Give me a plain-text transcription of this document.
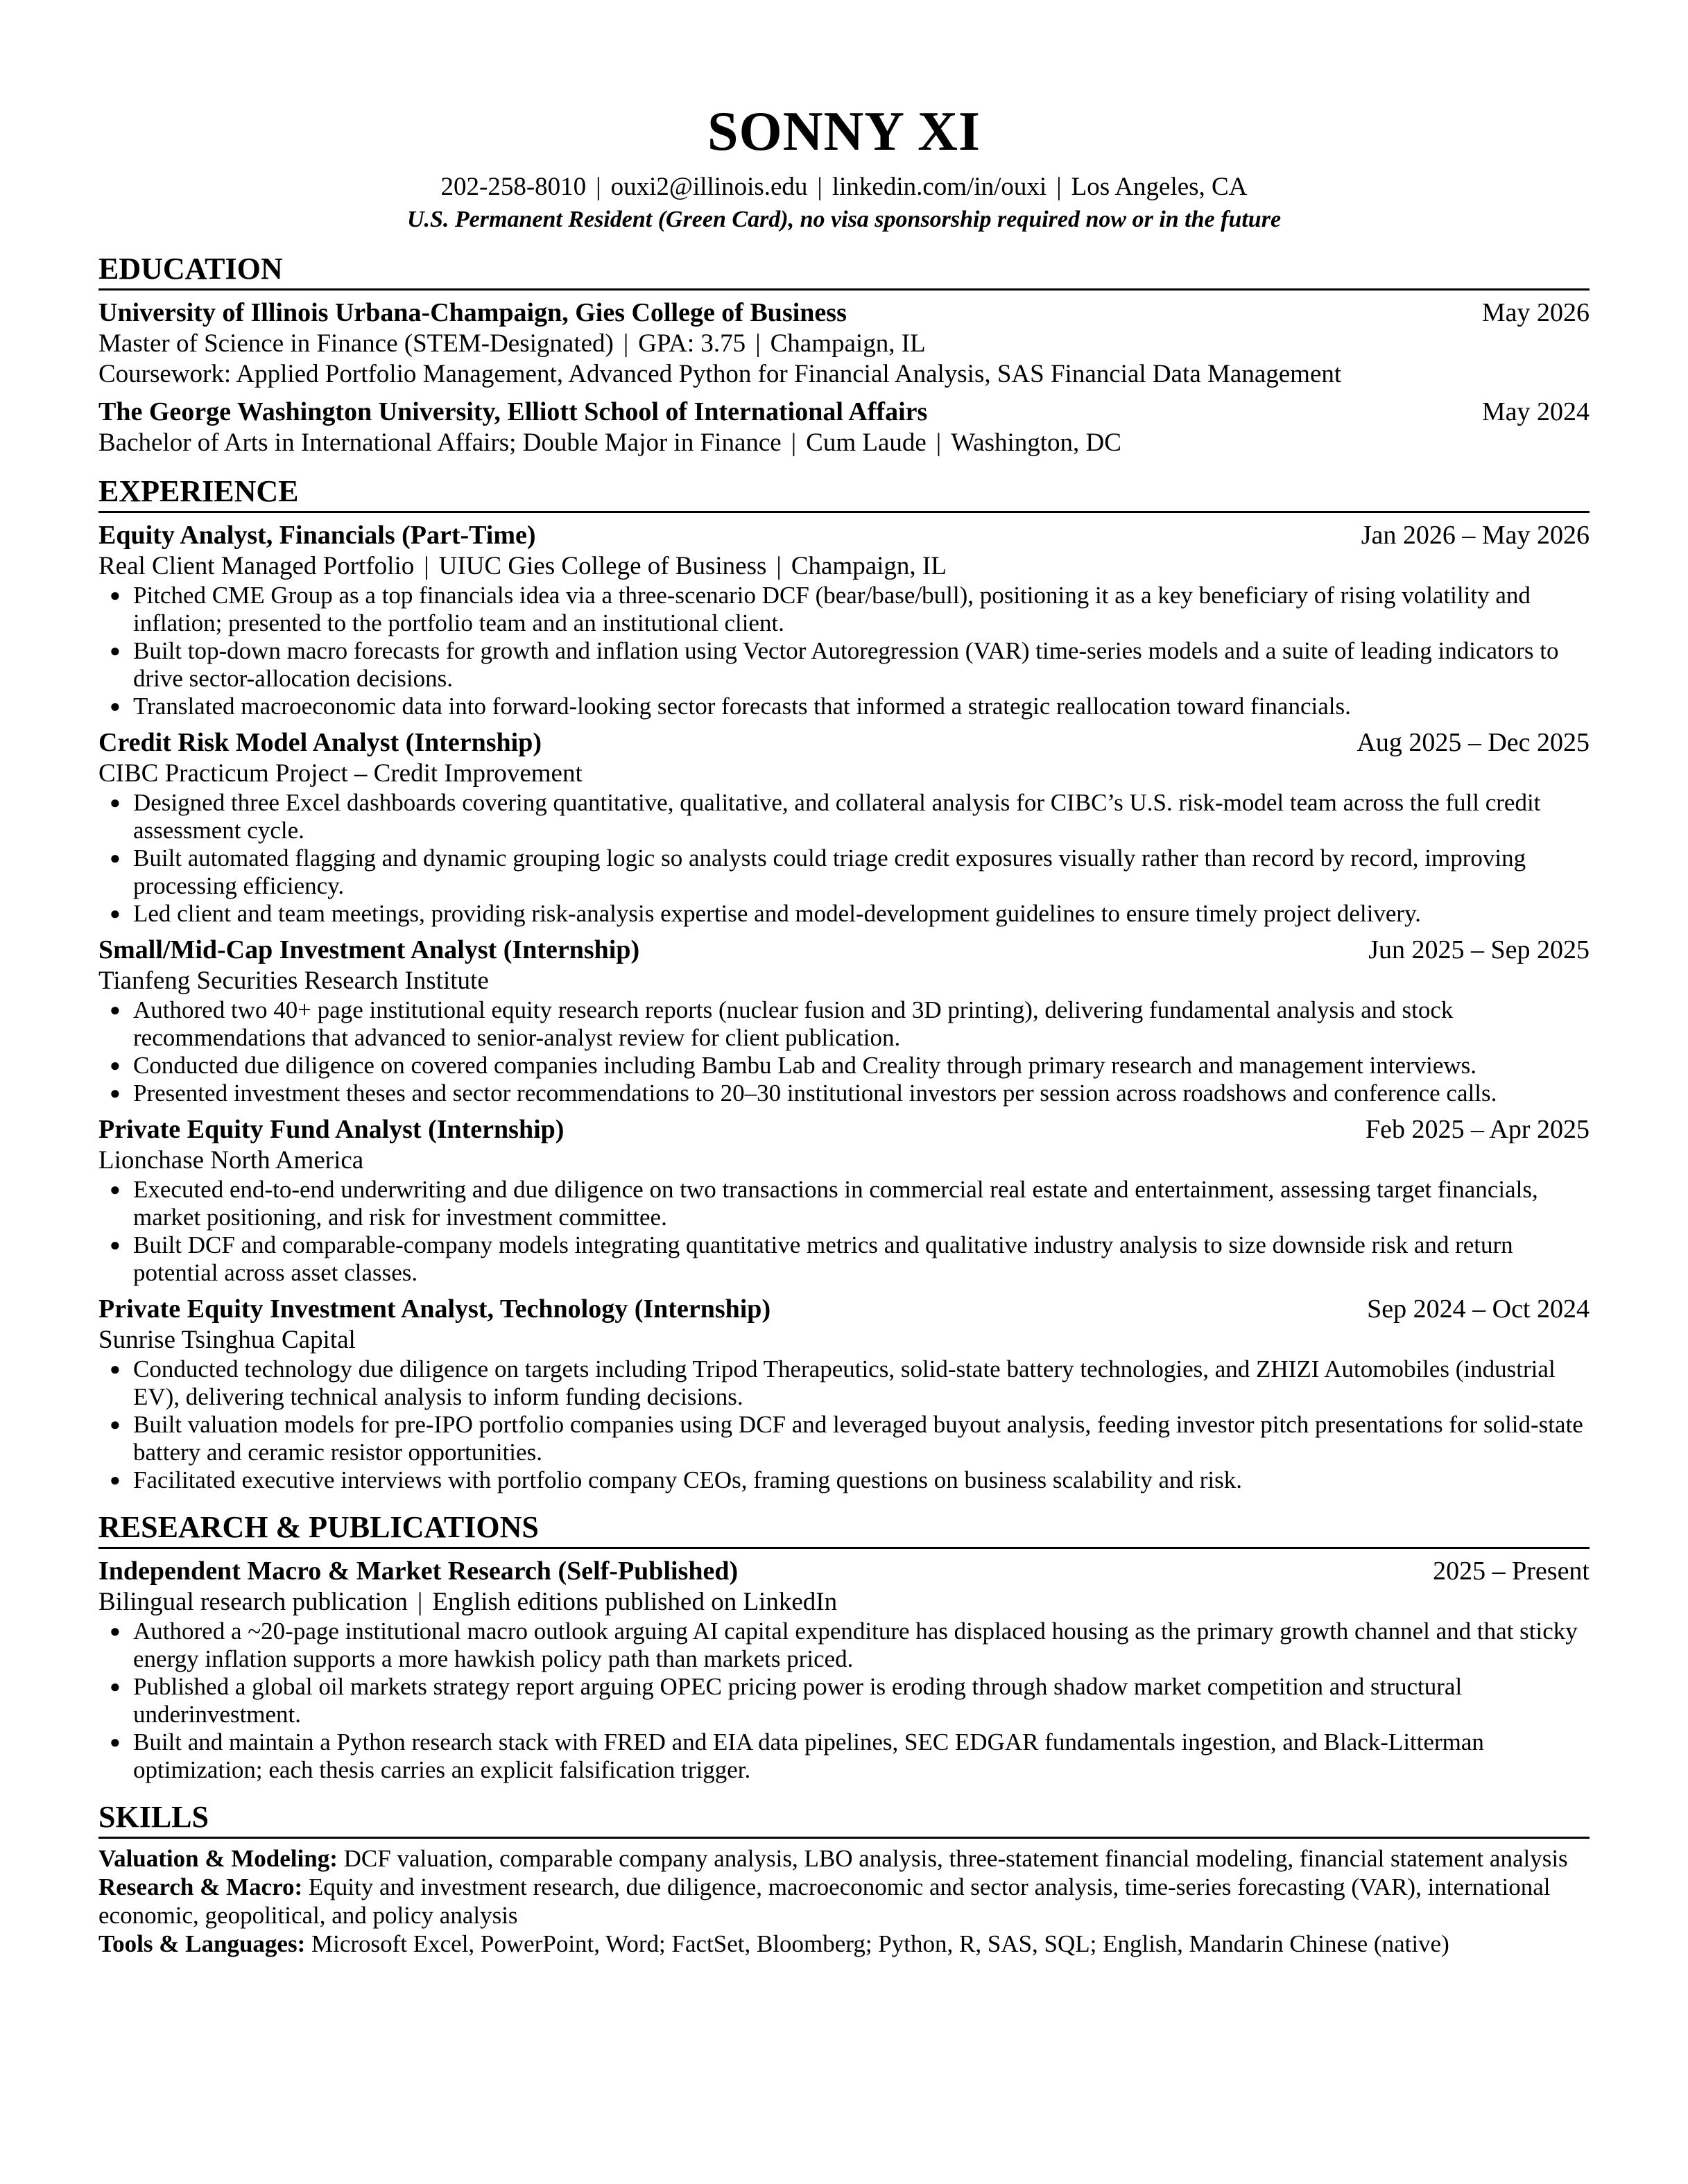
SONNY XI
202-258-8010 | ouxi2@illinois.edu | linkedin.com/in/ouxi | Los Angeles, CA
U.S. Permanent Resident (Green Card), no visa sponsorship required now or in the future
EDUCATION
University of Illinois Urbana-Champaign, Gies College of Business	May 2026
Master of Science in Finance (STEM-Designated) | GPA: 3.75 | Champaign, IL
Coursework: Applied Portfolio Management, Advanced Python for Financial Analysis, SAS Financial Data Management
The George Washington University, Elliott School of International Affairs	May 2024
Bachelor of Arts in International Affairs; Double Major in Finance | Cum Laude | Washington, DC
EXPERIENCE
Equity Analyst, Financials (Part-Time)	Jan 2026 – May 2026
Real Client Managed Portfolio | UIUC Gies College of Business | Champaign, IL
● Pitched CME Group as a top financials idea via a three-scenario DCF (bear/base/bull), positioning it as a key beneficiary of rising volatility and inflation; presented to the portfolio team and an institutional client.
● Built top-down macro forecasts for growth and inflation using Vector Autoregression (VAR) time-series models and a suite of leading indicators to drive sector-allocation decisions.
● Translated macroeconomic data into forward-looking sector forecasts that informed a strategic reallocation toward financials.
Credit Risk Model Analyst (Internship)	Aug 2025 – Dec 2025
CIBC Practicum Project – Credit Improvement
● Designed three Excel dashboards covering quantitative, qualitative, and collateral analysis for CIBC’s U.S. risk-model team across the full credit assessment cycle.
● Built automated flagging and dynamic grouping logic so analysts could triage credit exposures visually rather than record by record, improving processing efficiency.
● Led client and team meetings, providing risk-analysis expertise and model-development guidelines to ensure timely project delivery.
Small/Mid-Cap Investment Analyst (Internship)	Jun 2025 – Sep 2025
Tianfeng Securities Research Institute
● Authored two 40+ page institutional equity research reports (nuclear fusion and 3D printing), delivering fundamental analysis and stock recommendations that advanced to senior-analyst review for client publication.
● Conducted due diligence on covered companies including Bambu Lab and Creality through primary research and management interviews.
● Presented investment theses and sector recommendations to 20–30 institutional investors per session across roadshows and conference calls.
Private Equity Fund Analyst (Internship)	Feb 2025 – Apr 2025
Lionchase North America
● Executed end-to-end underwriting and due diligence on two transactions in commercial real estate and entertainment, assessing target financials, market positioning, and risk for investment committee.
● Built DCF and comparable-company models integrating quantitative metrics and qualitative industry analysis to size downside risk and return potential across asset classes.
Private Equity Investment Analyst, Technology (Internship)	Sep 2024 – Oct 2024
Sunrise Tsinghua Capital
● Conducted technology due diligence on targets including Tripod Therapeutics, solid-state battery technologies, and ZHIZI Automobiles (industrial EV), delivering technical analysis to inform funding decisions.
● Built valuation models for pre-IPO portfolio companies using DCF and leveraged buyout analysis, feeding investor pitch presentations for solid-state battery and ceramic resistor opportunities.
● Facilitated executive interviews with portfolio company CEOs, framing questions on business scalability and risk.
RESEARCH & PUBLICATIONS
Independent Macro & Market Research (Self-Published)	2025 – Present
Bilingual research publication | English editions published on LinkedIn
● Authored a ~20-page institutional macro outlook arguing AI capital expenditure has displaced housing as the primary growth channel and that sticky energy inflation supports a more hawkish policy path than markets priced.
● Published a global oil markets strategy report arguing OPEC pricing power is eroding through shadow market competition and structural underinvestment.
● Built and maintain a Python research stack with FRED and EIA data pipelines, SEC EDGAR fundamentals ingestion, and Black-Litterman optimization; each thesis carries an explicit falsification trigger.
SKILLS
Valuation & Modeling: DCF valuation, comparable company analysis, LBO analysis, three-statement financial modeling, financial statement analysis
Research & Macro: Equity and investment research, due diligence, macroeconomic and sector analysis, time-series forecasting (VAR), international economic, geopolitical, and policy analysis
Tools & Languages: Microsoft Excel, PowerPoint, Word; FactSet, Bloomberg; Python, R, SAS, SQL; English, Mandarin Chinese (native)
